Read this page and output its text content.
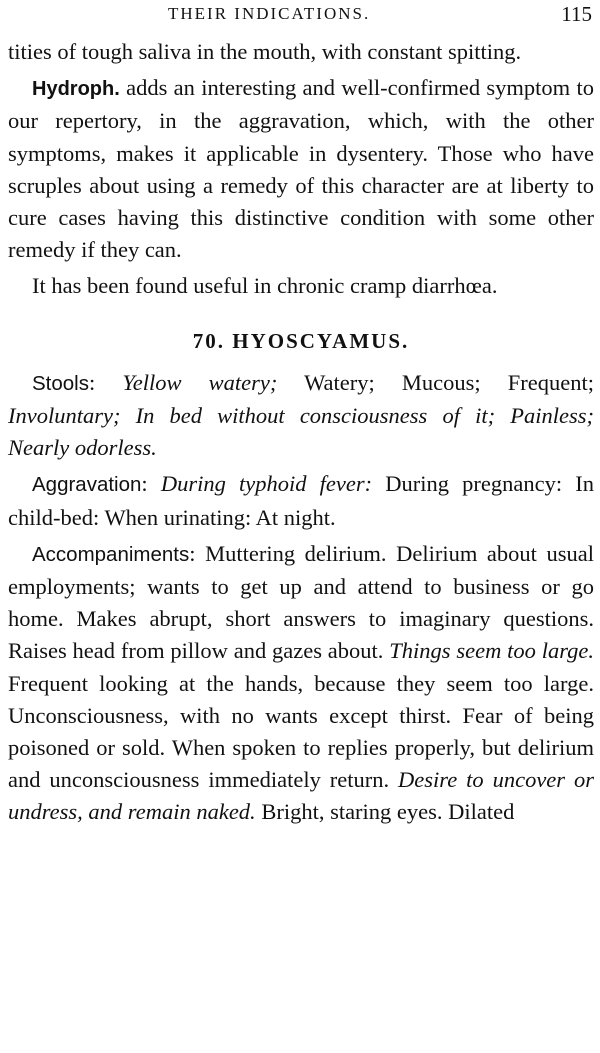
THEIR INDICATIONS.	115

tities of tough saliva in the mouth, with constant spitting.

Hydroph. adds an interesting and well-confirmed symptom to our repertory, in the aggravation, which, with the other symptoms, makes it applicable in dysentery. Those who have scruples about using a remedy of this character are at liberty to cure cases having this distinctive condition with some other remedy if they can.

It has been found useful in chronic cramp diarrhœa.

70. HYOSCYAMUS.

Stools: Yellow watery; Watery; Mucous; Frequent; Involuntary; In bed without consciousness of it; Painless; Nearly odorless.

Aggravation: During typhoid fever: During pregnancy: In child-bed: When urinating: At night.

Accompaniments: Muttering delirium. Delirium about usual employments; wants to get up and attend to business or go home. Makes abrupt, short answers to imaginary questions. Raises head from pillow and gazes about. Things seem too large. Frequent looking at the hands, because they seem too large. Unconsciousness, with no wants except thirst. Fear of being poisoned or sold. When spoken to replies properly, but delirium and unconsciousness immediately return. Desire to uncover or undress, and remain naked. Bright, staring eyes. Dilated
